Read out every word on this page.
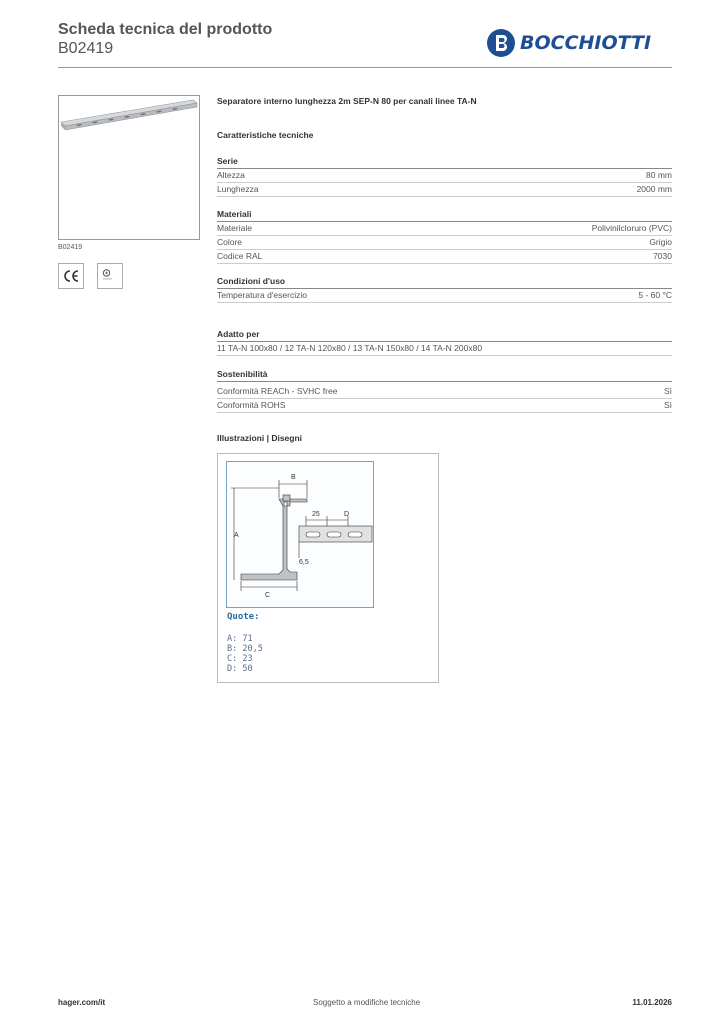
Scheda tecnica del prodotto
B02419	BOCCHIOTTI
B02419
Separatore interno lunghezza 2m SEP-N 80 per canali linee TA-N
Caratteristiche tecniche
Serie
Altezza	80 mm
Lunghezza	2000 mm
Materiali
Materiale	Polivinilcloruro (PVC)
Colore	Grigio
Codice RAL	7030
Condizioni d'uso
Temperatura d'esercizio	5 - 60 °C
Adatto per
11 TA-N 100x80 / 12 TA-N 120x80 / 13 TA-N 150x80 / 14 TA-N 200x80
Sostenibilità
Conformità REACh - SVHC free	Sì
Conformità ROHS	Sì
Illustrazioni | Disegni
A
B
25	D
6,5
C
Quote:
A: 71
B: 20,5
C: 23
D: 50
hager.com/it	Soggetto a modifiche tecniche	11.01.2026
